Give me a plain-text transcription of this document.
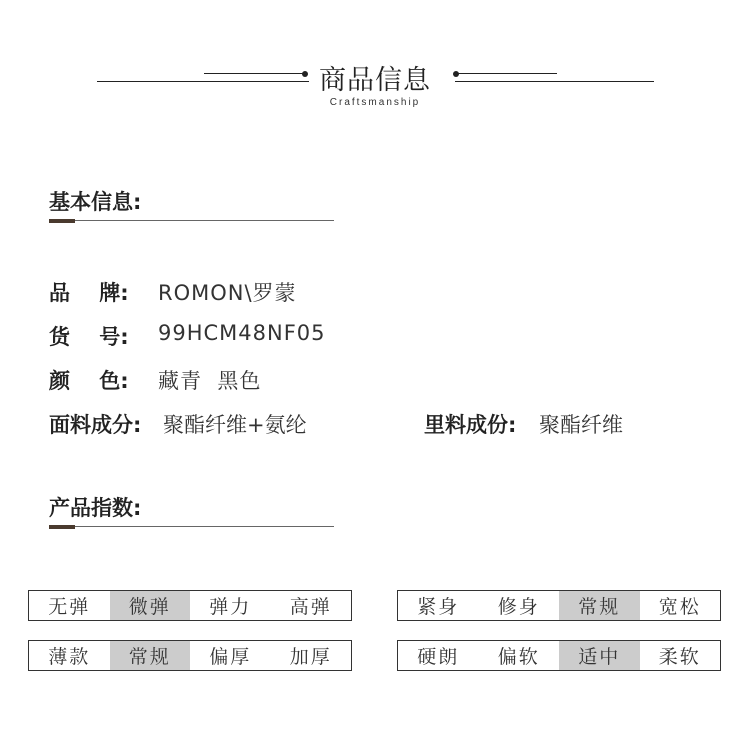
商品信息
Craftsmanship
基本信息:
品    牌: ROMON\罗蒙
货    号: 99HCM48NF05
颜    色: 藏青  黑色
面料成分: 聚酯纤维+氨纶	里料成份: 聚酯纤维
产品指数:
无弹	微弹	弹力	高弹	紧身	修身	常规	宽松
薄款	常规	偏厚	加厚	硬朗	偏软	适中	柔软
